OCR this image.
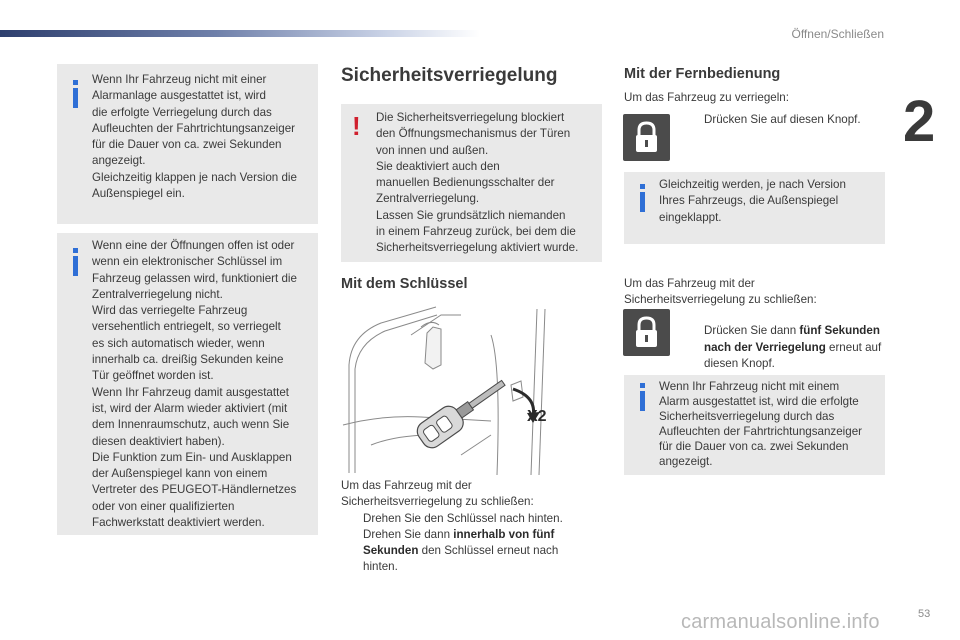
Öffnen/Schließen
2
Wenn Ihr Fahrzeug nicht mit einer
Alarmanlage ausgestattet ist, wird
die erfolgte Verriegelung durch das
Aufleuchten der Fahrtrichtungsanzeiger
für die Dauer von ca. zwei Sekunden
angezeigt.
Gleichzeitig klappen je nach Version die
Außenspiegel ein.
Wenn eine der Öffnungen offen ist oder
wenn ein elektronischer Schlüssel im
Fahrzeug gelassen wird, funktioniert die
Zentralverriegelung nicht.
Wird das verriegelte Fahrzeug
versehentlich entriegelt, so verriegelt
es sich automatisch wieder, wenn
innerhalb ca. dreißig Sekunden keine
Tür geöffnet worden ist.
Wenn Ihr Fahrzeug damit ausgestattet
ist, wird der Alarm wieder aktiviert (mit
dem Innenraumschutz, auch wenn Sie
diesen deaktiviert haben).
Die Funktion zum Ein- und Ausklappen
der Außenspiegel kann von einem
Vertreter des PEUGEOT-Händlernetzes
oder von einer qualifizierten
Fachwerkstatt deaktiviert werden.
Sicherheitsverriegelung
! Die Sicherheitsverriegelung blockiert
den Öffnungsmechanismus der Türen
von innen und außen.
Sie deaktiviert auch den
manuellen Bedienungsschalter der
Zentralverriegelung.
Lassen Sie grundsätzlich niemanden
in einem Fahrzeug zurück, bei dem die
Sicherheitsverriegelung aktiviert wurde.
Mit dem Schlüssel
X2
Um das Fahrzeug mit der
Sicherheitsverriegelung zu schließen:
Drehen Sie den Schlüssel nach hinten.
Drehen Sie dann innerhalb von fünf Sekunden den Schlüssel erneut nach hinten.
Mit der Fernbedienung
Um das Fahrzeug zu verriegeln:
Drücken Sie auf diesen Knopf.
Gleichzeitig werden, je nach Version
Ihres Fahrzeugs, die Außenspiegel
eingeklappt.
Um das Fahrzeug mit der
Sicherheitsverriegelung zu schließen:
Drücken Sie dann fünf Sekunden nach der Verriegelung erneut auf diesen Knopf.
Wenn Ihr Fahrzeug nicht mit einem
Alarm ausgestattet ist, wird die erfolgte
Sicherheitsverriegelung durch das
Aufleuchten der Fahrtrichtungsanzeiger
für die Dauer von ca. zwei Sekunden
angezeigt.
53
carmanualsonline.info
